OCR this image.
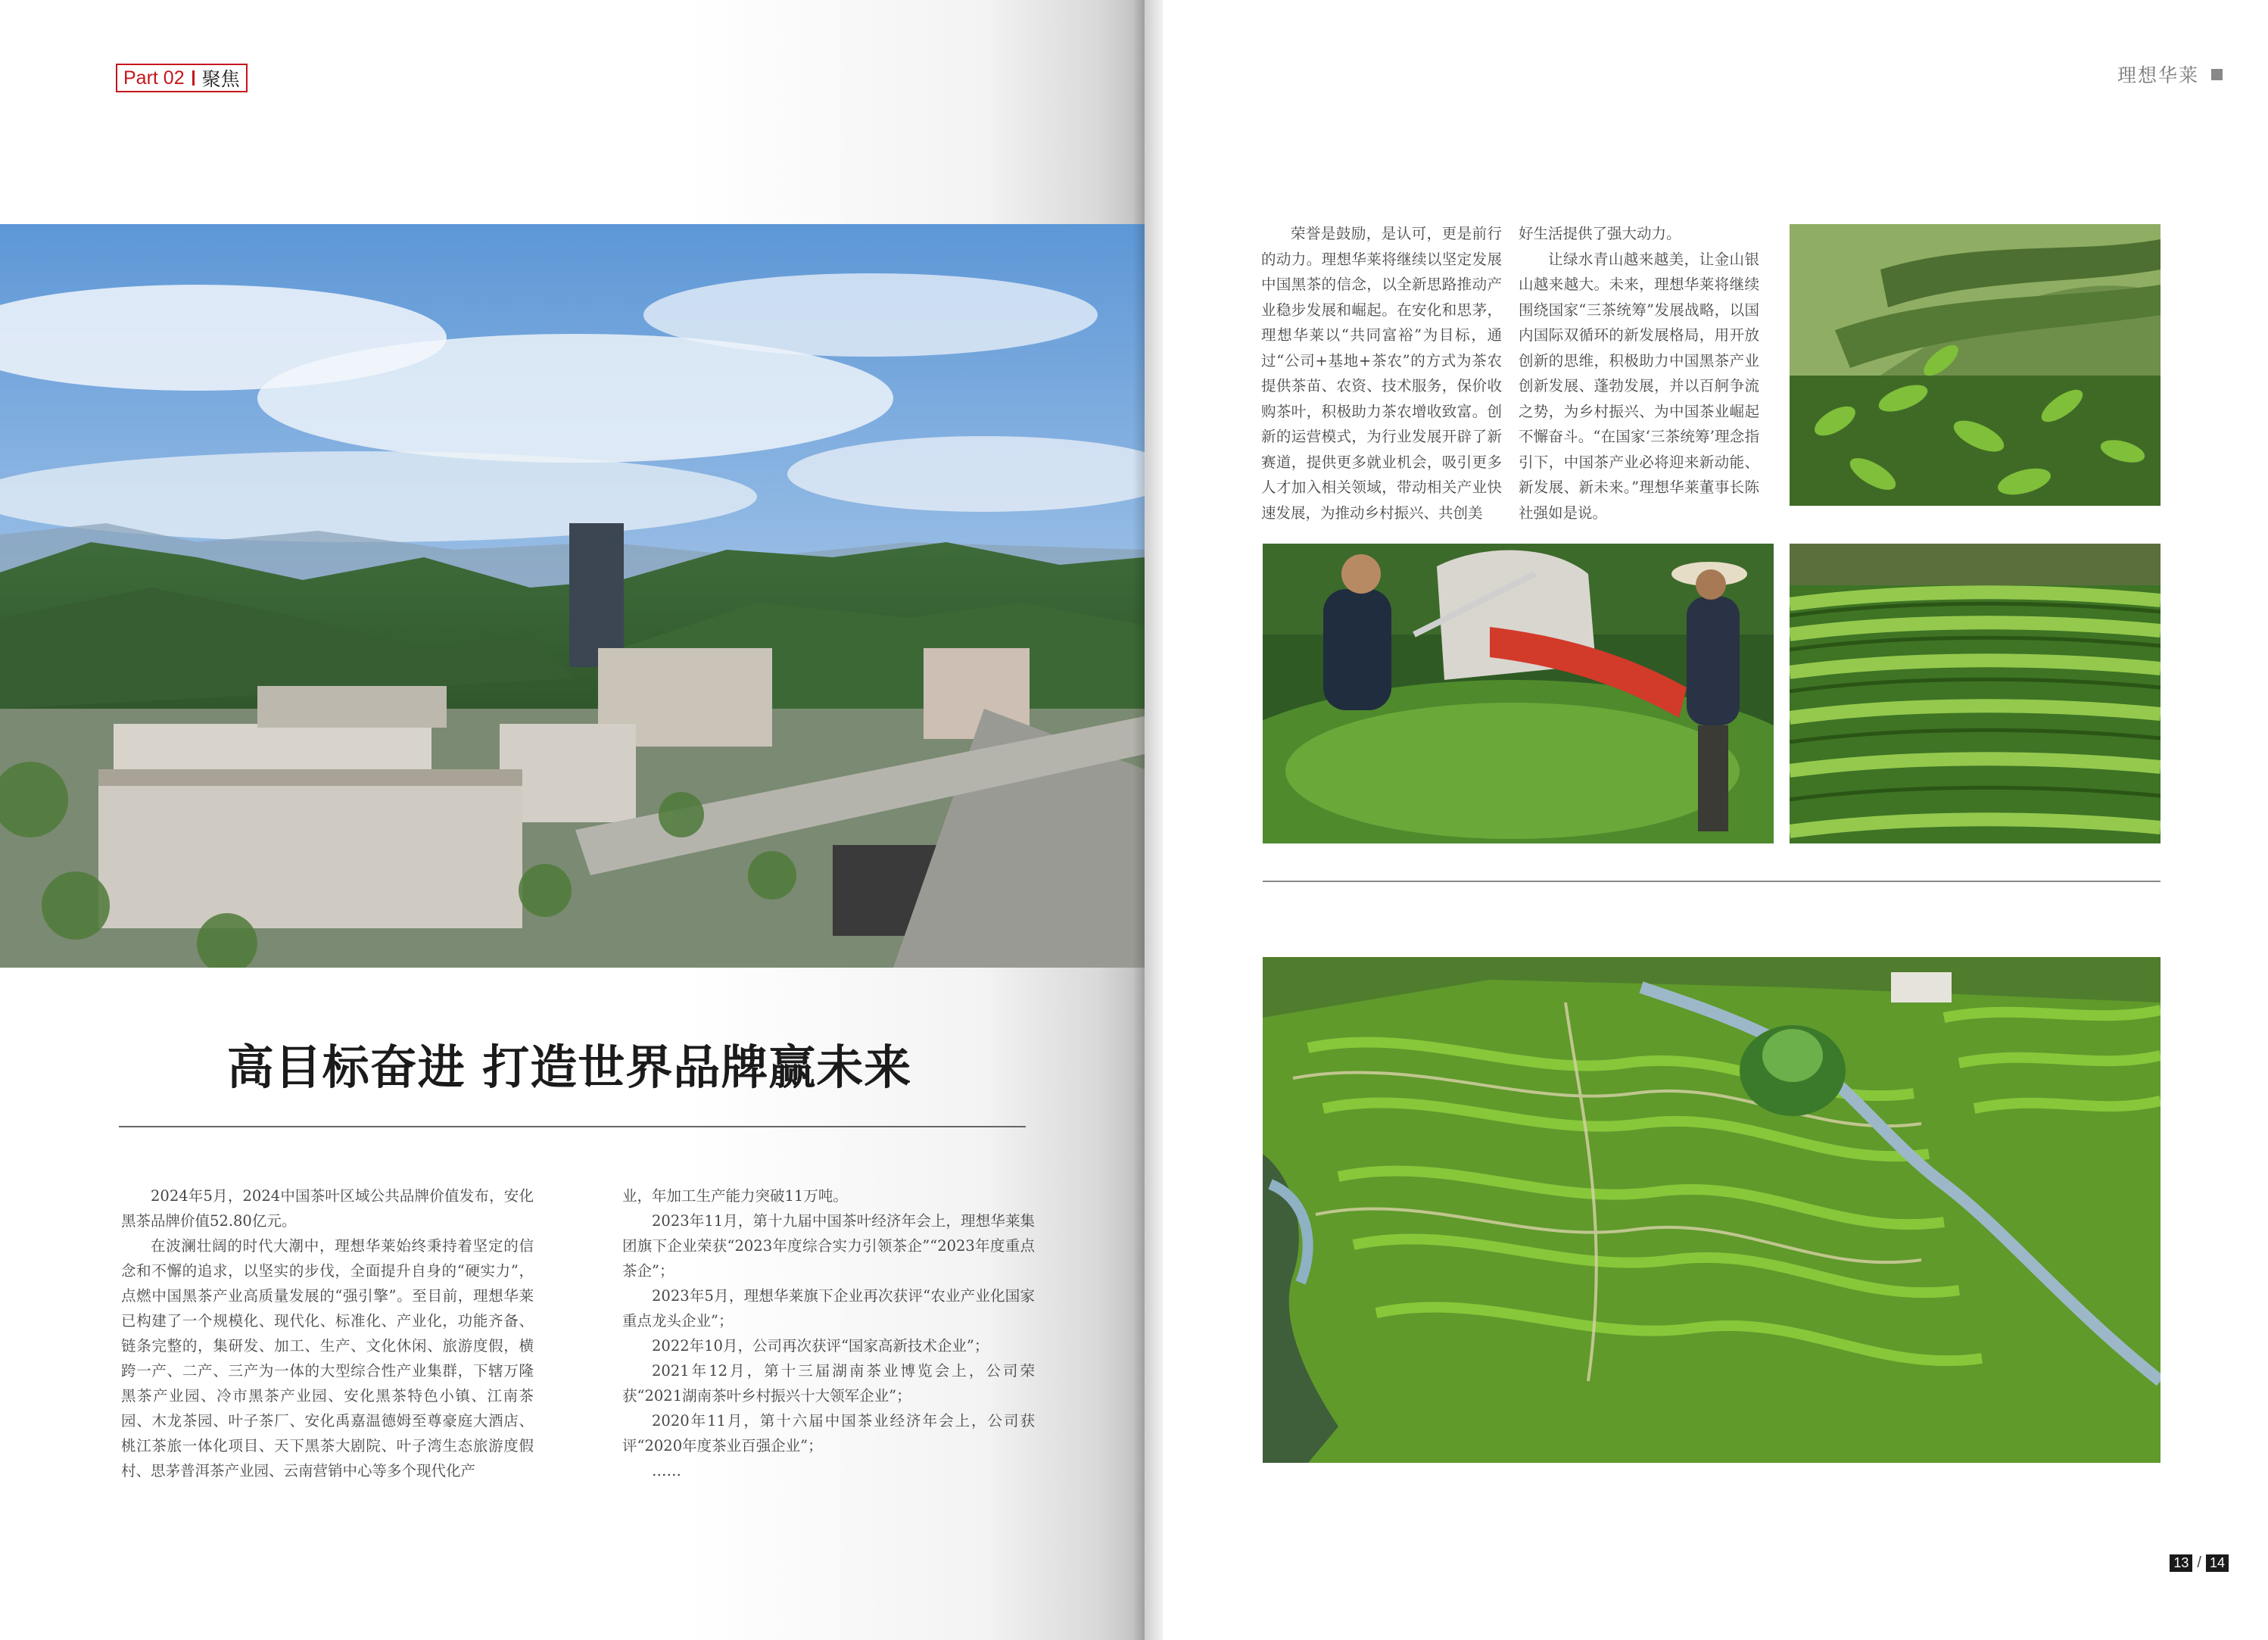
Part 02 聚焦
高目标奋进 打造世界品牌赢未来

2024年5月，2024中国茶叶区域公共品牌价值发布，安化黑茶品牌价值52.80亿元。

在波澜壮阔的时代大潮中，理想华莱始终秉持着坚定的信念和不懈的追求，以坚实的步伐，全面提升自身的“硬实力”，点燃中国黑茶产业高质量发展的“强引擎”。至目前，理想华莱已构建了一个规模化、现代化、标准化、产业化，功能齐备、链条完整的，集研发、加工、生产、文化休闲、旅游度假，横跨一产、二产、三产为一体的大型综合性产业集群，下辖万隆黑茶产业园、冷市黑茶产业园、安化黑茶特色小镇、江南茶园、木龙茶园、叶子茶厂、安化禹嘉温德姆至尊豪庭大酒店、桃江茶旅一体化项目、天下黑茶大剧院、叶子湾生态旅游度假村、思茅普洱茶产业园、云南营销中心等多个现代化产

业，年加工生产能力突破11万吨。

2023年11月，第十九届中国茶叶经济年会上，理想华莱集团旗下企业荣获“2023年度综合实力引领茶企”“2023年度重点茶企”；

2023年5月，理想华莱旗下企业再次获评“农业产业化国家重点龙头企业”；

2022年10月，公司再次获评“国家高新技术企业”；

2021年12月，第十三届湖南茶业博览会上，公司荣获“2021湖南茶叶乡村振兴十大领军企业”；

2020年11月，第十六届中国茶业经济年会上，公司获评“2020年度茶业百强企业”；

……

理想华莱

荣誉是鼓励，是认可，更是前行的动力。理想华莱将继续以坚定发展中国黑茶的信念，以全新思路推动产业稳步发展和崛起。在安化和思茅，理想华莱以“共同富裕”为目标，通过“公司+基地+茶农”的方式为茶农提供茶苗、农资、技术服务，保价收购茶叶，积极助力茶农增收致富。创新的运营模式，为行业发展开辟了新赛道，提供更多就业机会，吸引更多人才加入相关领域，带动相关产业快速发展，为推动乡村振兴、共创美

好生活提供了强大动力。

让绿水青山越来越美，让金山银山越来越大。未来，理想华莱将继续围绕国家“三茶统筹”发展战略，以国内国际双循环的新发展格局，用开放创新的思维，积极助力中国黑茶产业创新发展、蓬勃发展，并以百舸争流之势，为乡村振兴、为中国茶业崛起不懈奋斗。“在国家‘三茶统筹’理念指引下，中国茶产业必将迎来新动能、新发展、新未来。”理想华莱董事长陈社强如是说。

13 / 14
